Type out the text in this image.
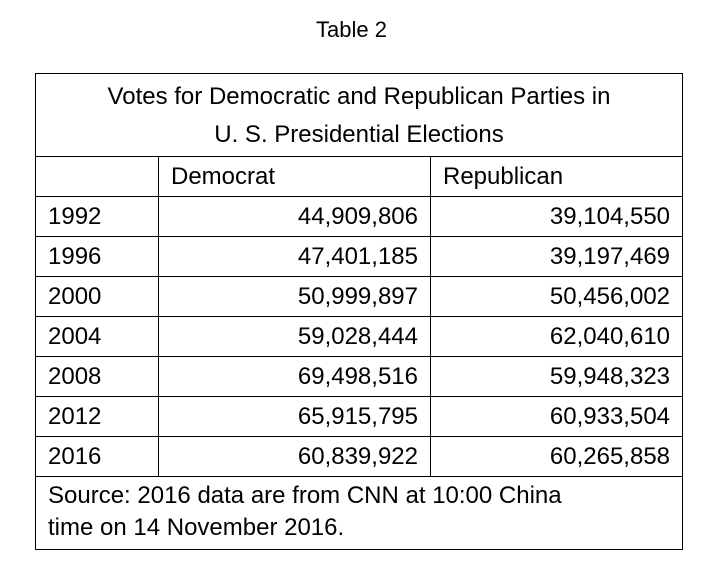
Table 2
Votes for Democratic and Republican Parties in
U. S. Presidential Elections		

	Democrat	Republican
1992	44,909,806	39,104,550
1996	47,401,185	39,197,469
2000	50,999,897	50,456,002
2004	59,028,444	62,040,610
2008	69,498,516	59,948,323
2012	65,915,795	60,933,504
2016	60,839,922	60,265,858

Source: 2016 data are from CNN at 10:00 China
time on 14 November 2016.		
